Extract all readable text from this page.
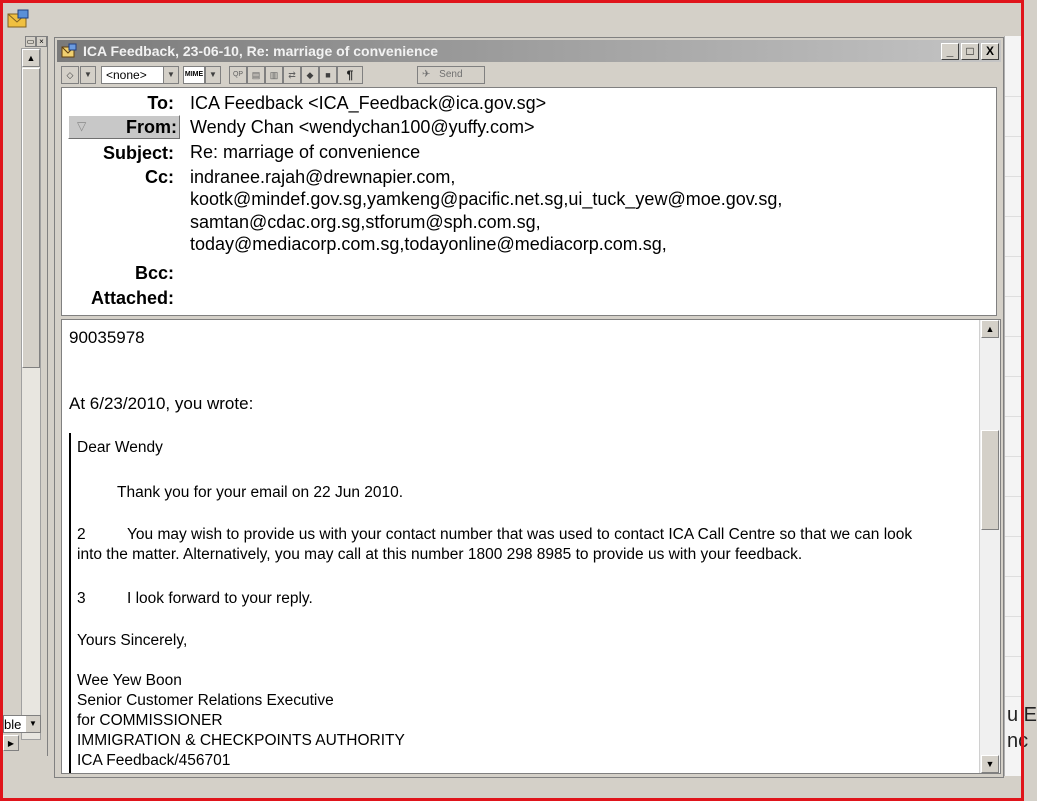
▭ ×
▲
ble ▼
▶
u E
nc
ICA Feedback, 23-06-10, Re: marriage of convenience	_	□	X
◇	▼	<none>	▼	MIME ▼	QP ▤	▥	⇄	◆	■	¶	✈ Send
To: ICA Feedback <ICA_Feedback@ica.gov.sg>
▽ From: Wendy Chan <wendychan100@yuffy.com>
Subject: Re: marriage of convenience
Cc: indranee.rajah@drewnapier.com,
kootk@mindef.gov.sg,yamkeng@pacific.net.sg,ui_tuck_yew@moe.gov.sg,
samtan@cdac.org.sg,stforum@sph.com.sg,
today@mediacorp.com.sg,todayonline@mediacorp.com.sg,
Bcc:
Attached:
90035978
At 6/23/2010, you wrote:
Dear Wendy
Thank you for your email on 22 Jun 2010.
2	You may wish to provide us with your contact number that was used to contact ICA Call Centre so that we can look
into the matter. Alternatively, you may call at this number 1800 298 8985 to provide us with your feedback.
3	I look forward to your reply.
Yours Sincerely,
Wee Yew Boon
Senior Customer Relations Executive
for COMMISSIONER
IMMIGRATION & CHECKPOINTS AUTHORITY
ICA Feedback/456701
▲
▼
